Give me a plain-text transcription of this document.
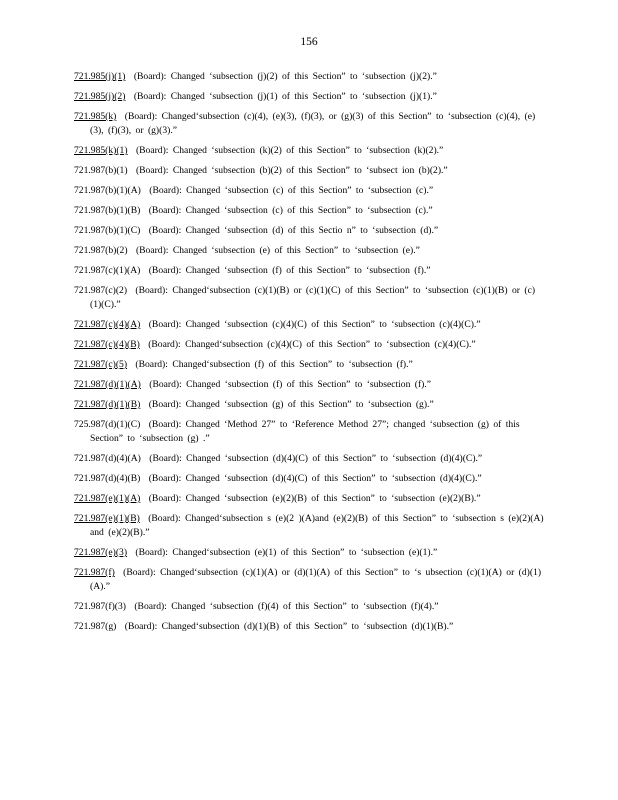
156

721.985(j)(1) (Board): Changed ‘subsection (j)(2) of this Section” to ‘subsection (j)(2).”

721.985(j)(2) (Board): Changed ‘subsection (j)(1) of this Section” to ‘subsection (j)(1).”

721.985(k) (Board): Changed‘subsection (c)(4), (e)(3), (f)(3), or (g)(3) of this Section” to ‘subsection (c)(4), (e)(3), (f)(3), or (g)(3).”

721.985(k)(1) (Board): Changed ‘subsection (k)(2) of this Section” to ‘subsection (k)(2).”

721.987(b)(1) (Board): Changed ‘subsection (b)(2) of this Section” to ‘subsect ion (b)(2).”

721.987(b)(1)(A) (Board): Changed ‘subsection (c) of this Section” to ‘subsection (c).”

721.987(b)(1)(B) (Board): Changed ‘subsection (c) of this Section” to ‘subsection (c).”

721.987(b)(1)(C) (Board): Changed ‘subsection (d) of this Sectio n” to ‘subsection (d).”

721.987(b)(2) (Board): Changed ‘subsection (e) of this Section” to ‘subsection (e).”

721.987(c)(1)(A) (Board): Changed ‘subsection (f) of this Section” to ‘subsection (f).”

721.987(c)(2) (Board): Changed‘subsection (c)(1)(B) or (c)(1)(C) of this Section” to ‘subsection (c)(1)(B) or (c)(1)(C).”

721.987(c)(4)(A) (Board): Changed ‘subsection (c)(4)(C) of this Section” to ‘subsection (c)(4)(C).”

721.987(c)(4)(B) (Board): Changed‘subsection (c)(4)(C) of this Section” to ‘subsection (c)(4)(C).”

721.987(c)(5) (Board): Changed‘subsection (f) of this Section” to ‘subsection (f).”

721.987(d)(1)(A) (Board): Changed ‘subsection (f) of this Section” to ‘subsection (f).”

721.987(d)(1)(B) (Board): Changed ‘subsection (g) of this Section” to ‘subsection (g).”

725.987(d)(1)(C) (Board): Changed ‘Method 27” to ‘Reference Method 27”; changed ‘subsection (g) of this Section” to ‘subsection (g) .”

721.987(d)(4)(A) (Board): Changed ‘subsection (d)(4)(C) of this Section” to ‘subsection (d)(4)(C).”

721.987(d)(4)(B) (Board): Changed ‘subsection (d)(4)(C) of this Section” to ‘subsection (d)(4)(C).”

721.987(e)(1)(A) (Board): Changed ‘subsection (e)(2)(B) of this Section” to ‘subsection (e)(2)(B).”

721.987(e)(1)(B) (Board): Changed‘subsection s (e)(2 )(A)and (e)(2)(B) of this Section” to ‘subsection s (e)(2)(A) and (e)(2)(B).”

721.987(e)(3) (Board): Changed‘subsection (e)(1) of this Section” to ‘subsection (e)(1).”

721.987(f) (Board): Changed‘subsection (c)(1)(A) or (d)(1)(A) of this Section” to ‘s ubsection (c)(1)(A) or (d)(1)(A).”

721.987(f)(3) (Board): Changed ‘subsection (f)(4) of this Section” to ‘subsection (f)(4).”

721.987(g) (Board): Changed‘subsection (d)(1)(B) of this Section” to ‘subsection (d)(1)(B).”
